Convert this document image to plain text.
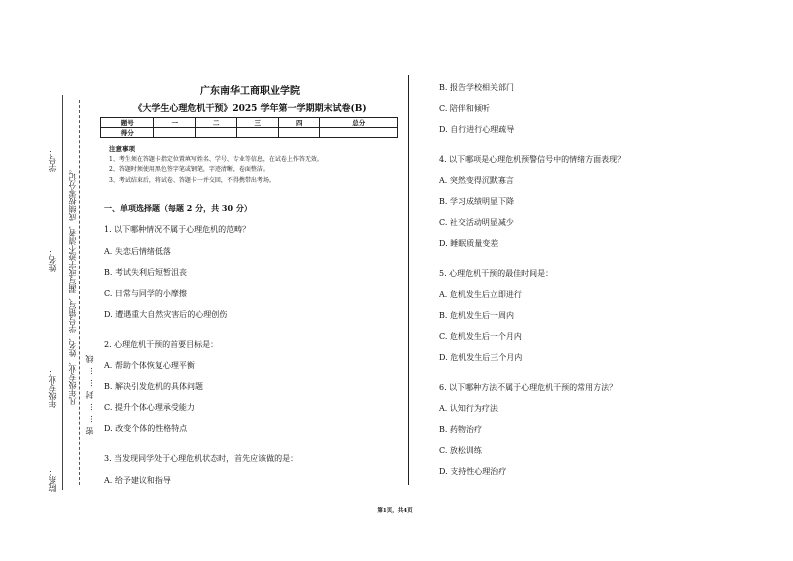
密……封……线
凡年级专业、姓名、学号错写、漏写或字迹不清者，成绩按零分记。
学号：
姓名：
年级专业：
院系：
广东南华工商职业学院
《大学生心理危机干预》2025 学年第一学期期末试卷(B)
题号	一	二	三	四	总分
得分					
注意事项
1、考生须在答题卡指定位置填写姓名、学号、专业等信息，在试卷上作答无效。
2、答题时须使用黑色签字笔或钢笔，字迹清晰，卷面整洁。
3、考试结束后，将试卷、答题卡一并交回，不得携带出考场。
一、单项选择题（每题 2 分，共 30 分）
1. 以下哪种情况不属于心理危机的范畴？
A. 失恋后情绪低落
B. 考试失利后短暂沮丧
C. 日常与同学的小摩擦
D. 遭遇重大自然灾害后的心理创伤
2. 心理危机干预的首要目标是：
A. 帮助个体恢复心理平衡
B. 解决引发危机的具体问题
C. 提升个体心理承受能力
D. 改变个体的性格特点
3. 当发现同学处于心理危机状态时，首先应该做的是：
A. 给予建议和指导
B. 报告学校相关部门
C. 陪伴和倾听
D. 自行进行心理疏导
4. 以下哪项是心理危机预警信号中的情绪方面表现？
A. 突然变得沉默寡言
B. 学习成绩明显下降
C. 社交活动明显减少
D. 睡眠质量变差
5. 心理危机干预的最佳时间是：
A. 危机发生后立即进行
B. 危机发生后一周内
C. 危机发生后一个月内
D. 危机发生后三个月内
6. 以下哪种方法不属于心理危机干预的常用方法？
A. 认知行为疗法
B. 药物治疗
C. 放松训练
D. 支持性心理治疗
第1页，共4页
